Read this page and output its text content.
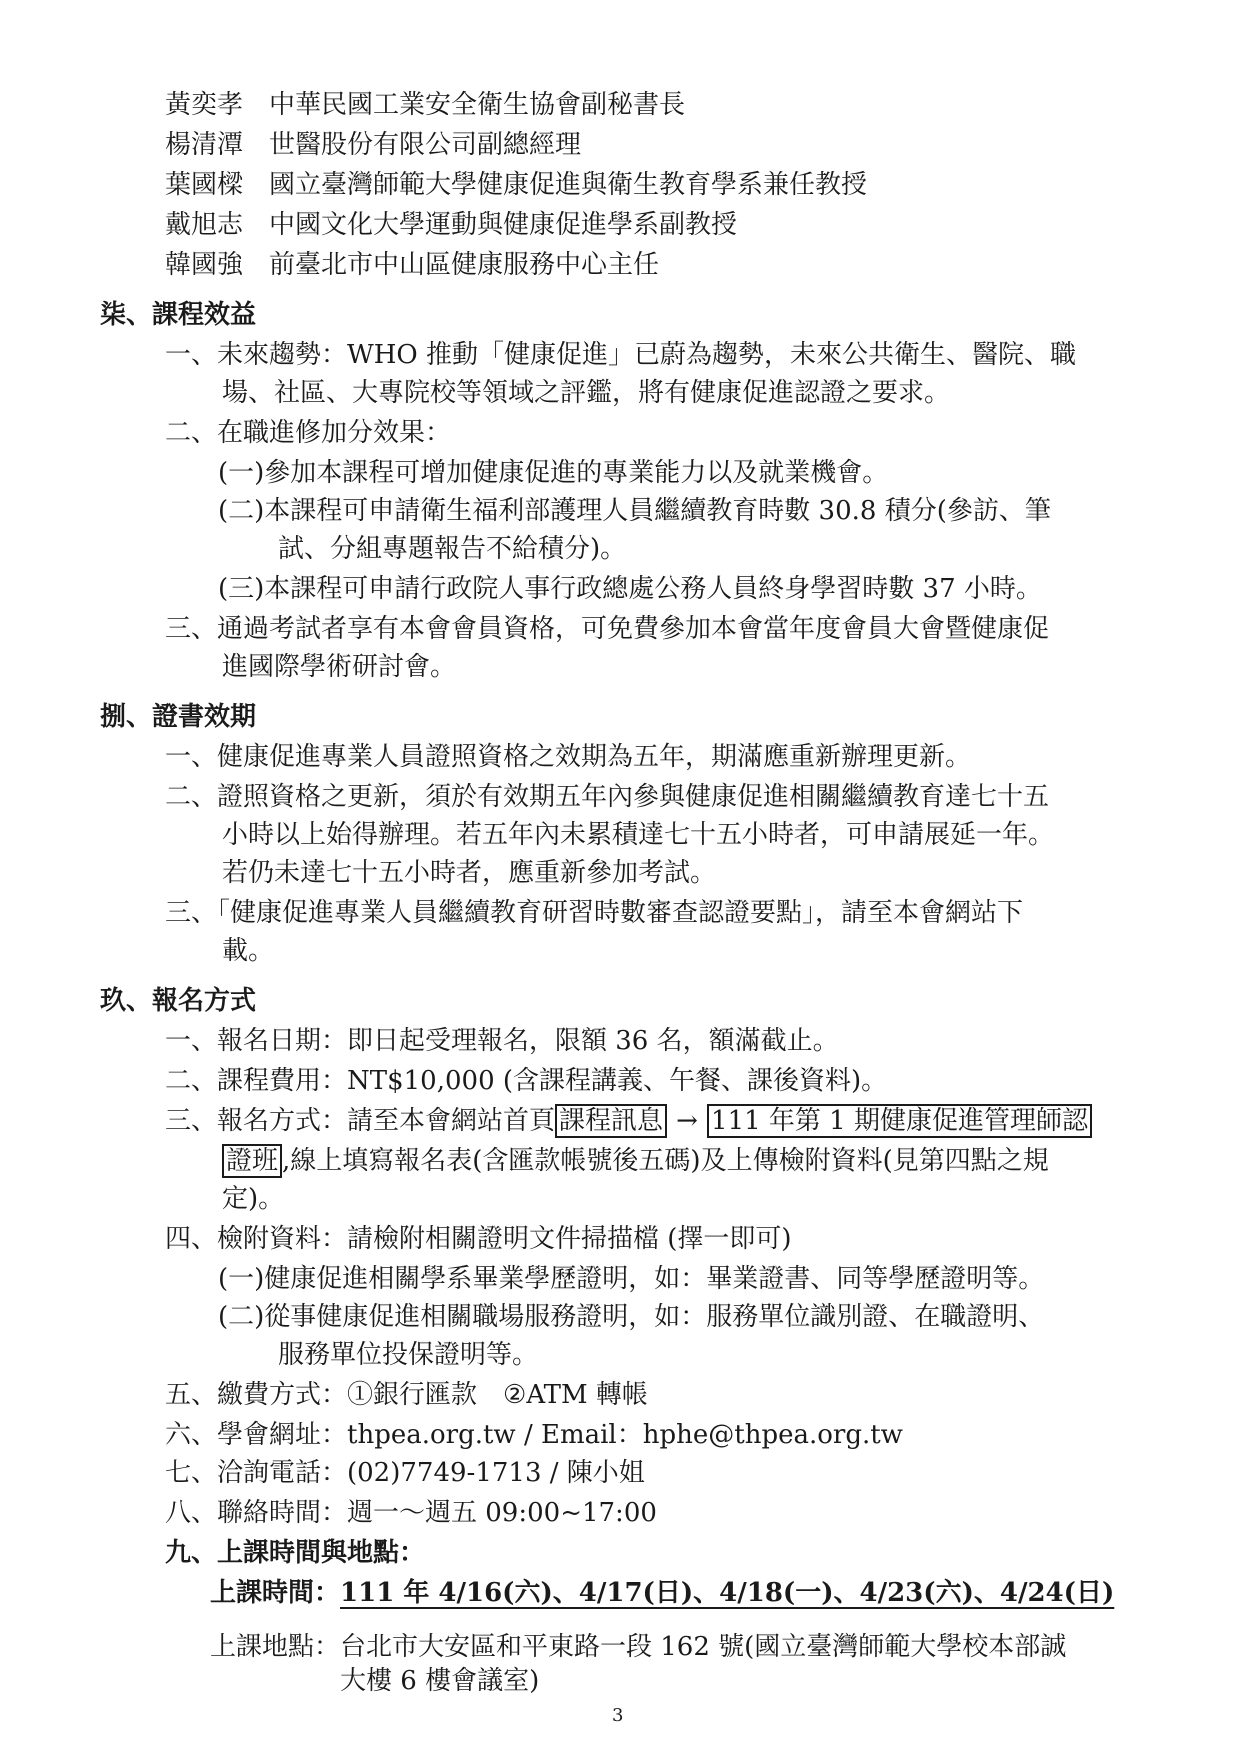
黃奕孝 中華民國工業安全衛生協會副秘書長
楊清潭 世醫股份有限公司副總經理
葉國樑 國立臺灣師範大學健康促進與衛生教育學系兼任教授
戴旭志 中國文化大學運動與健康促進學系副教授
韓國強 前臺北市中山區健康服務中心主任
柒、課程效益
一、未來趨勢：WHO 推動「健康促進」已蔚為趨勢，未來公共衛生、醫院、職
場、社區、大專院校等領域之評鑑，將有健康促進認證之要求。
二、在職進修加分效果：
(一)參加本課程可增加健康促進的專業能力以及就業機會。
(二)本課程可申請衛生福利部護理人員繼續教育時數 30.8 積分(參訪、筆
試、分組專題報告不給積分)。
(三)本課程可申請行政院人事行政總處公務人員終身學習時數 37 小時。
三、通過考試者享有本會會員資格，可免費參加本會當年度會員大會暨健康促
進國際學術研討會。
捌、證書效期
一、健康促進專業人員證照資格之效期為五年，期滿應重新辦理更新。
二、證照資格之更新，須於有效期五年內參與健康促進相關繼續教育達七十五
小時以上始得辦理。若五年內未累積達七十五小時者，可申請展延一年。
若仍未達七十五小時者，應重新參加考試。
三、「健康促進專業人員繼續教育研習時數審查認證要點」，請至本會網站下
載。
玖、報名方式
一、報名日期：即日起受理報名，限額 36 名，額滿截止。
二、課程費用：NT$10,000 (含課程講義、午餐、課後資料)。
三、報名方式：請至本會網站首頁 課程訊息 → 111 年第 1 期健康促進管理師認
證班 ,線上填寫報名表(含匯款帳號後五碼)及上傳檢附資料(見第四點之規
定)。
四、檢附資料：請檢附相關證明文件掃描檔 (擇一即可)
(一)健康促進相關學系畢業學歷證明，如：畢業證書、同等學歷證明等。
(二)從事健康促進相關職場服務證明，如：服務單位識別證、在職證明、
服務單位投保證明等。
五、繳費方式：①銀行匯款 ②ATM 轉帳
六、學會網址：thpea.org.tw / Email：hphe@thpea.org.tw
七、洽詢電話：(02)7749-1713 / 陳小姐
八、聯絡時間：週一～週五 09:00~17:00
九、上課時間與地點：
上課時間：111 年 4/16(六)、4/17(日)、4/18(一)、4/23(六)、4/24(日)
上課地點：台北市大安區和平東路一段 162 號(國立臺灣師範大學校本部誠
大樓 6 樓會議室)
3
